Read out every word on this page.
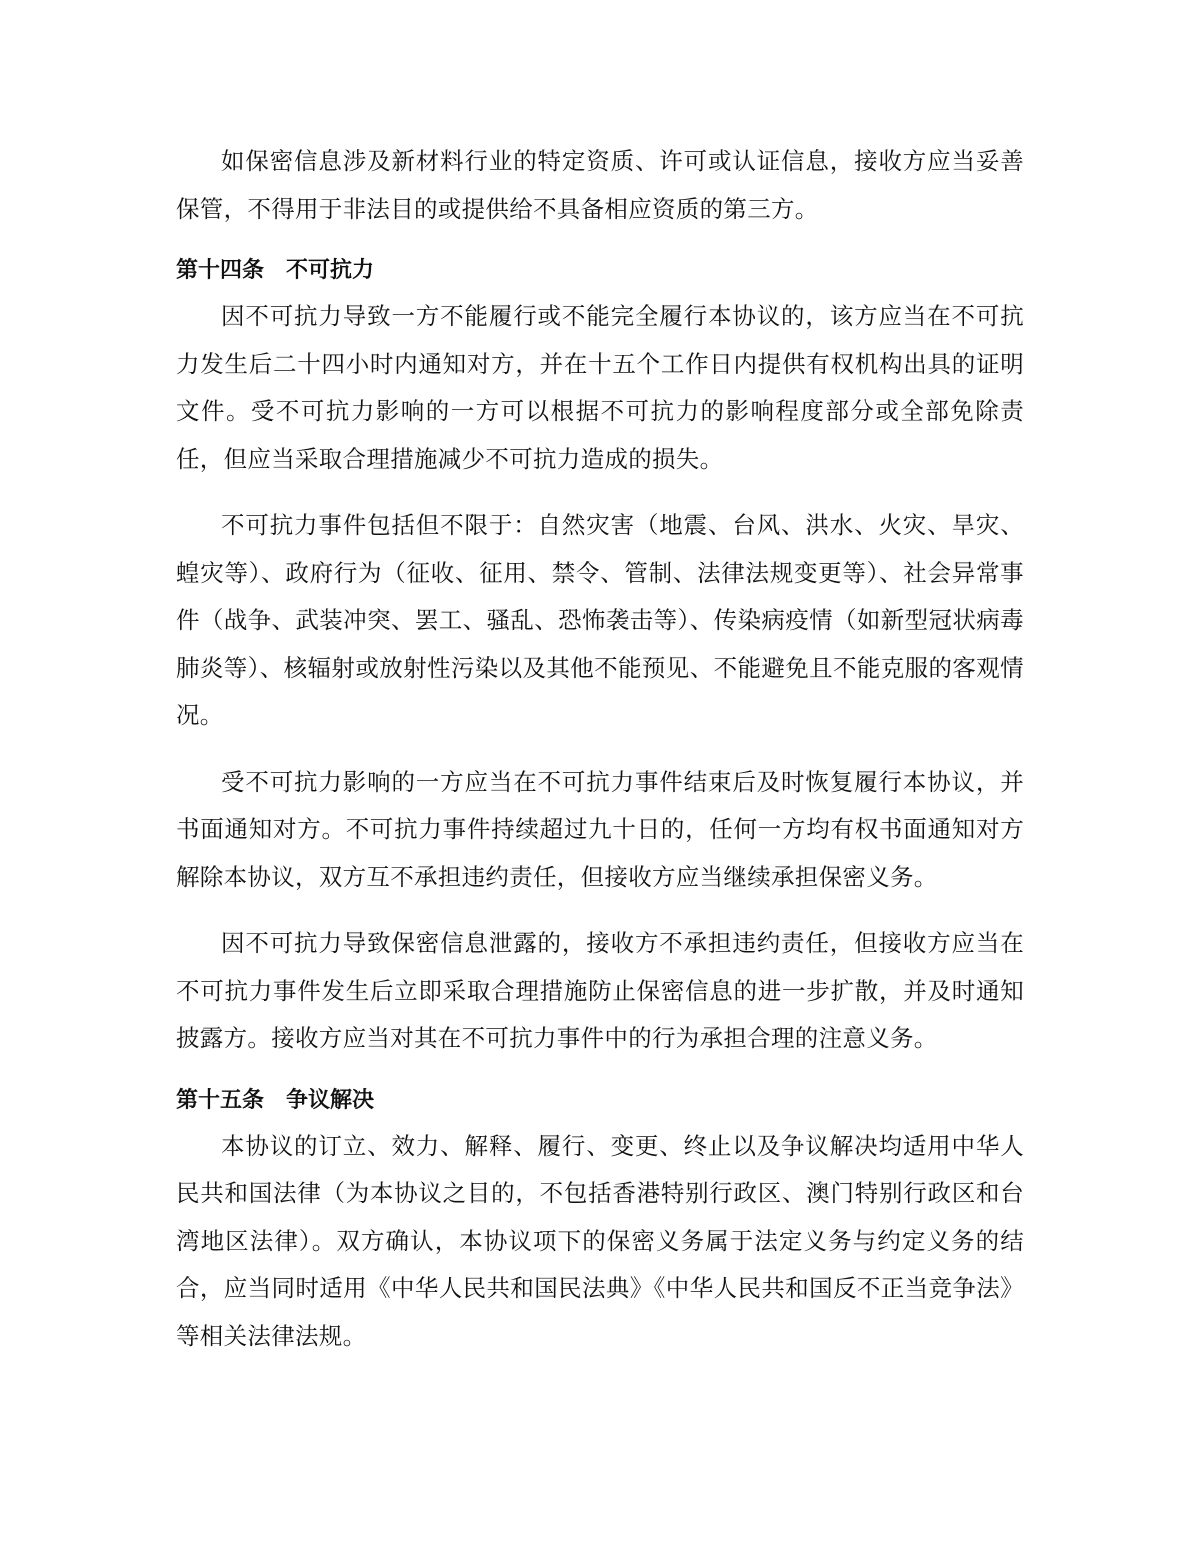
如保密信息涉及新材料行业的特定资质、许可或认证信息，接收方应当妥善保管，不得用于非法目的或提供给不具备相应资质的第三方。

第十四条　不可抗力

因不可抗力导致一方不能履行或不能完全履行本协议的，该方应当在不可抗力发生后二十四小时内通知对方，并在十五个工作日内提供有权机构出具的证明文件。受不可抗力影响的一方可以根据不可抗力的影响程度部分或全部免除责任，但应当采取合理措施减少不可抗力造成的损失。

不可抗力事件包括但不限于：自然灾害（地震、台风、洪水、火灾、旱灾、蝗灾等）、政府行为（征收、征用、禁令、管制、法律法规变更等）、社会异常事件（战争、武装冲突、罢工、骚乱、恐怖袭击等）、传染病疫情（如新型冠状病毒肺炎等）、核辐射或放射性污染以及其他不能预见、不能避免且不能克服的客观情况。

受不可抗力影响的一方应当在不可抗力事件结束后及时恢复履行本协议，并书面通知对方。不可抗力事件持续超过九十日的，任何一方均有权书面通知对方解除本协议，双方互不承担违约责任，但接收方应当继续承担保密义务。

因不可抗力导致保密信息泄露的，接收方不承担违约责任，但接收方应当在不可抗力事件发生后立即采取合理措施防止保密信息的进一步扩散，并及时通知披露方。接收方应当对其在不可抗力事件中的行为承担合理的注意义务。

第十五条　争议解决

本协议的订立、效力、解释、履行、变更、终止以及争议解决均适用中华人民共和国法律（为本协议之目的，不包括香港特别行政区、澳门特别行政区和台湾地区法律）。双方确认，本协议项下的保密义务属于法定义务与约定义务的结合，应当同时适用《中华人民共和国民法典》《中华人民共和国反不正当竞争法》等相关法律法规。
